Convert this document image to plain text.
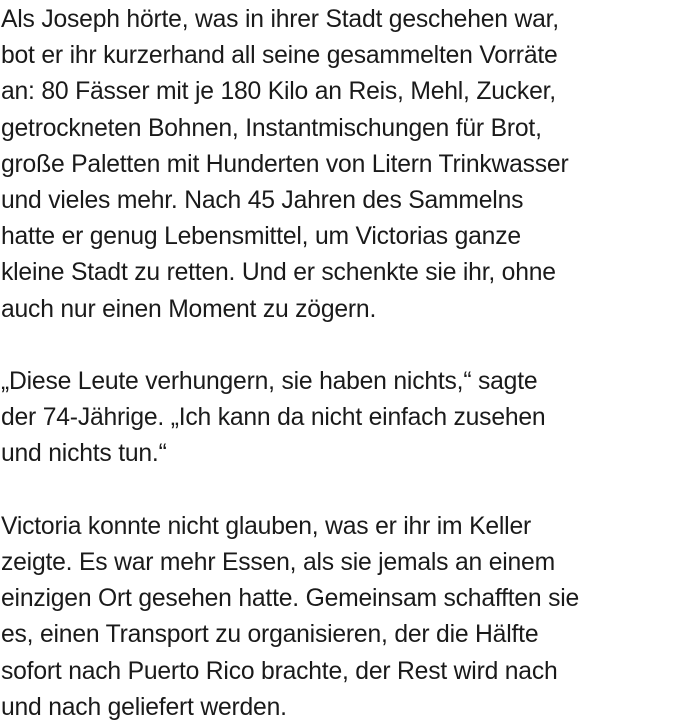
Als Joseph hörte, was in ihrer Stadt geschehen war,
bot er ihr kurzerhand all seine gesammelten Vorräte
an: 80 Fässer mit je 180 Kilo an Reis, Mehl, Zucker,
getrockneten Bohnen, Instantmischungen für Brot,
große Paletten mit Hunderten von Litern Trinkwasser
und vieles mehr. Nach 45 Jahren des Sammelns
hatte er genug Lebensmittel, um Victorias ganze
kleine Stadt zu retten. Und er schenkte sie ihr, ohne
auch nur einen Moment zu zögern.

„Diese Leute verhungern, sie haben nichts,“ sagte
der 74-Jährige. „Ich kann da nicht einfach zusehen
und nichts tun.“

Victoria konnte nicht glauben, was er ihr im Keller
zeigte. Es war mehr Essen, als sie jemals an einem
einzigen Ort gesehen hatte. Gemeinsam schafften sie
es, einen Transport zu organisieren, der die Hälfte
sofort nach Puerto Rico brachte, der Rest wird nach
und nach geliefert werden.
